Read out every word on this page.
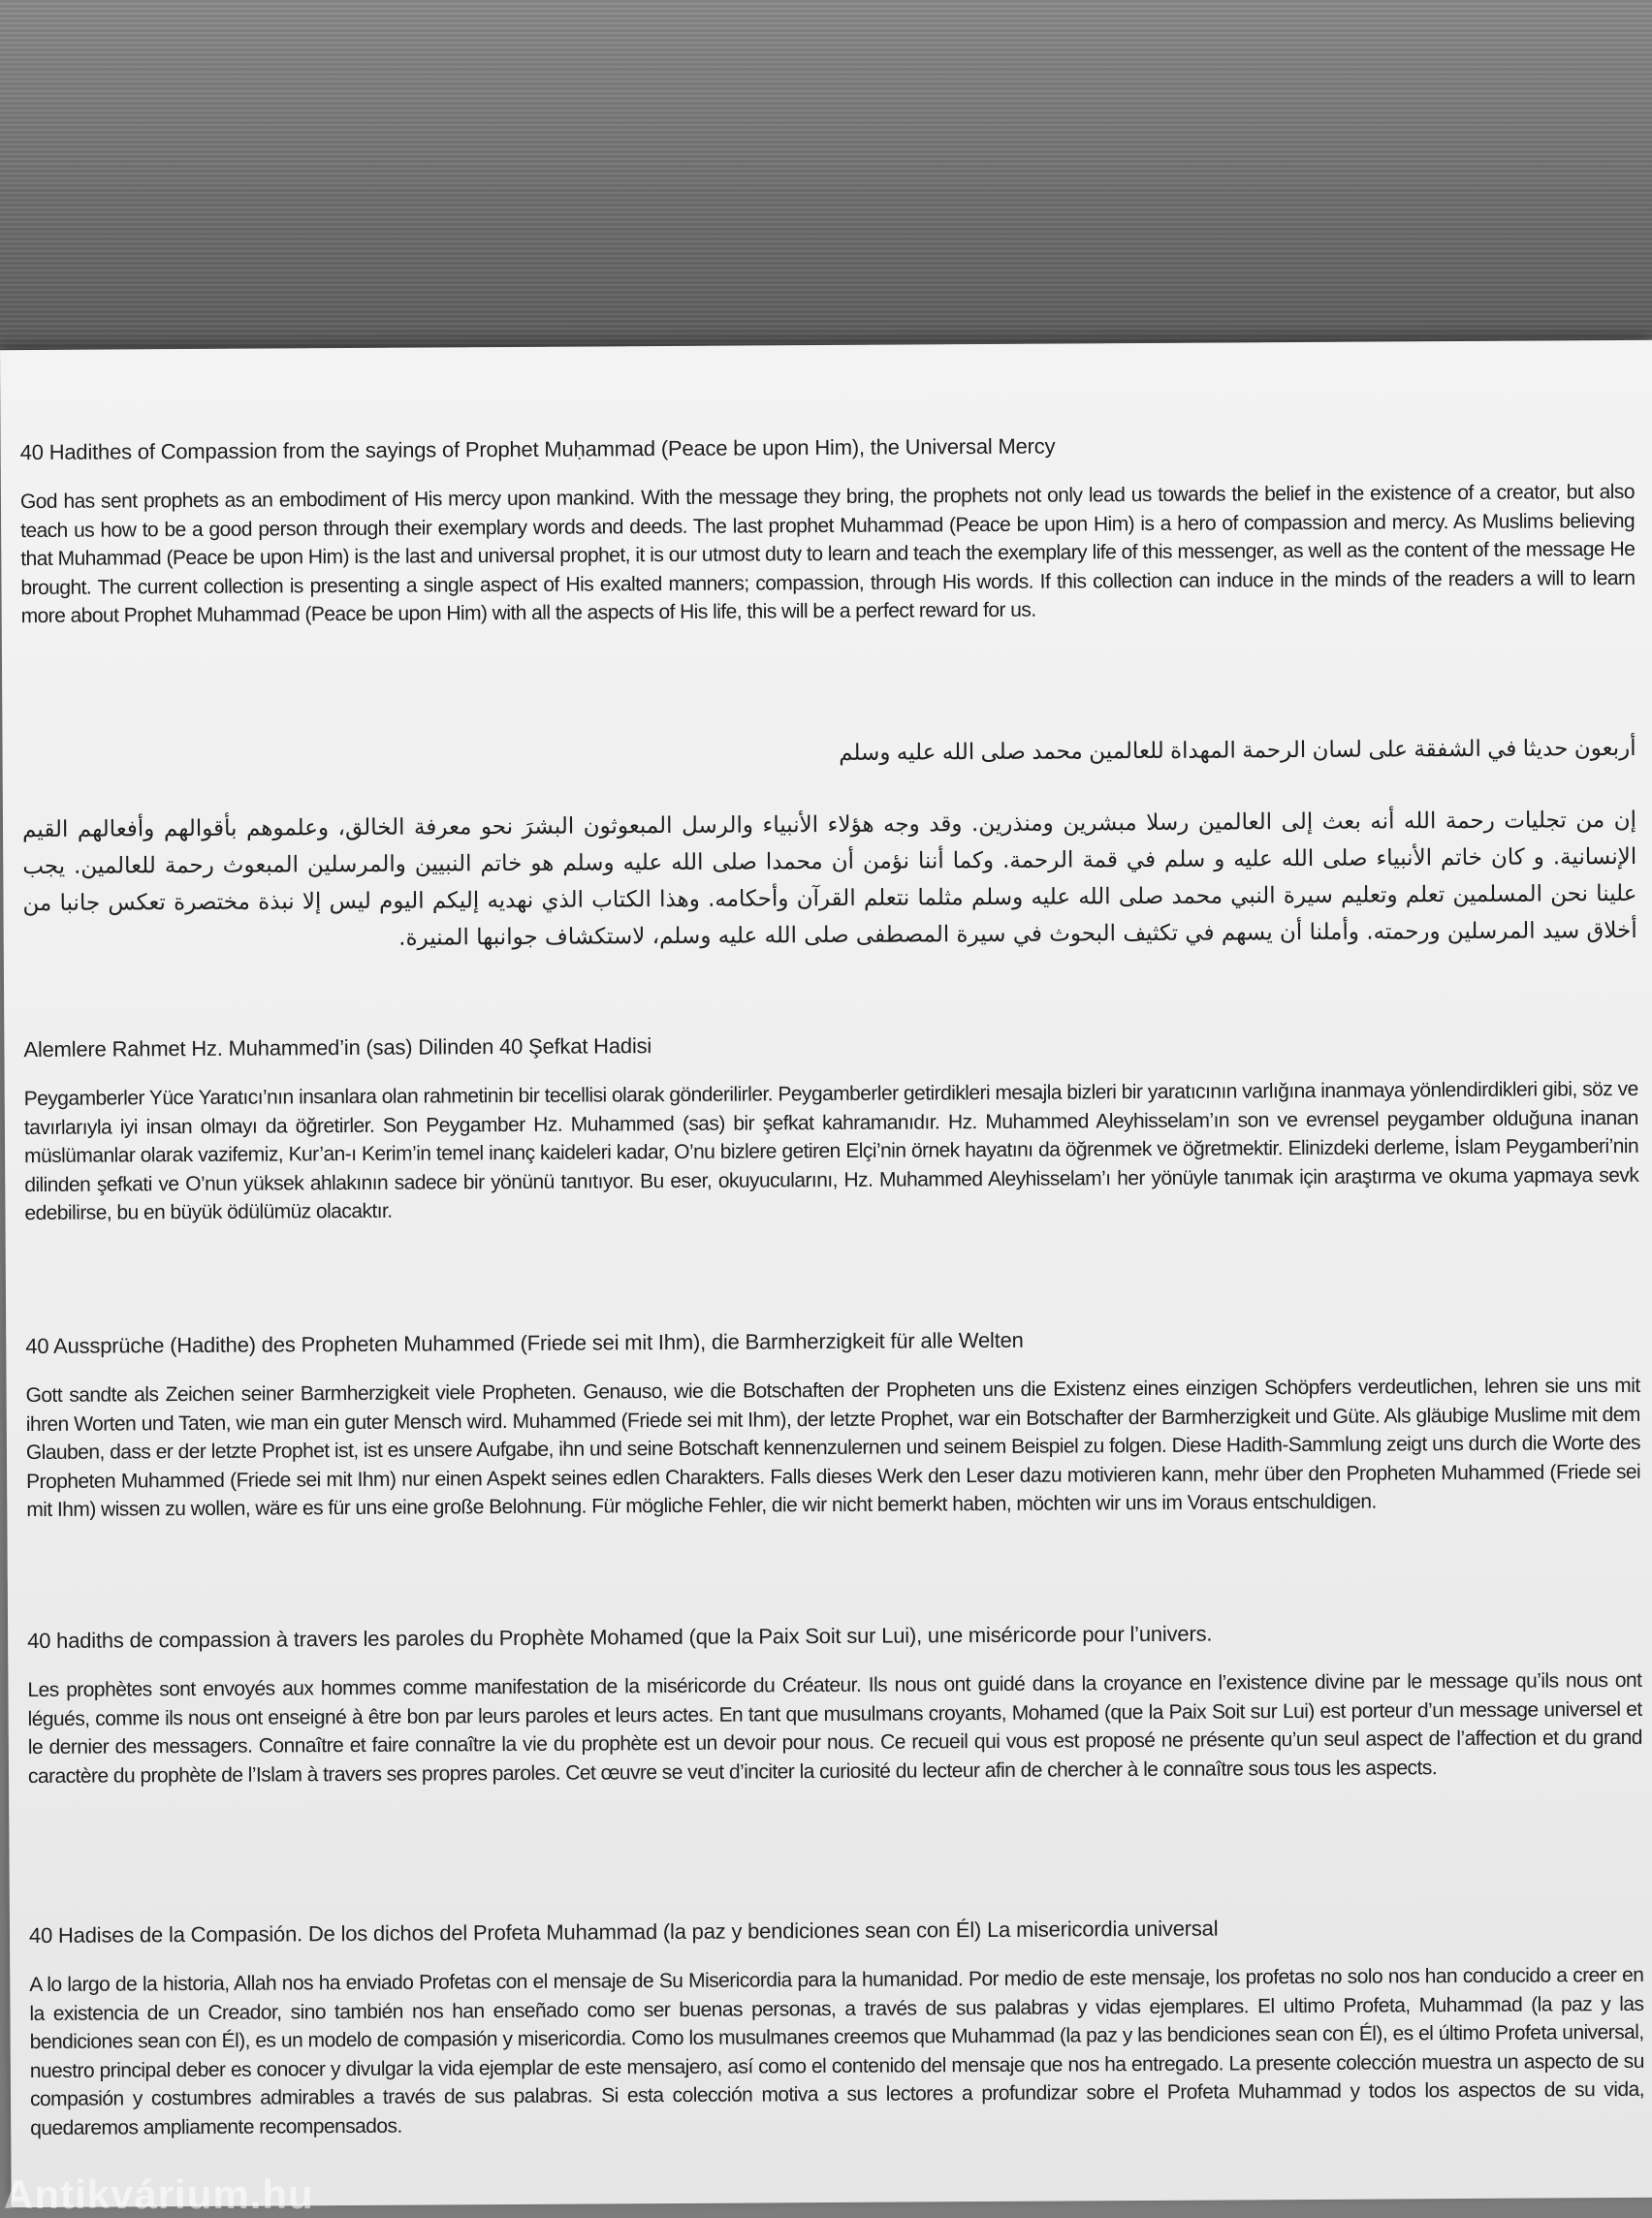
40 Hadithes of Compassion from the sayings of Prophet Muḥammad (Peace be upon Him), the Universal Mercy

God has sent prophets as an embodiment of His mercy upon mankind. With the message they bring, the prophets not only lead us towards the belief in the existence of a creator, but also teach us how to be a good person through their exemplary words and deeds. The last prophet Muhammad (Peace be upon Him) is a hero of compassion and mercy. As Muslims believing that Muhammad (Peace be upon Him) is the last and universal prophet, it is our utmost duty to learn and teach the exemplary life of this messenger, as well as the content of the message He brought. The current collection is presenting a single aspect of His exalted manners; compassion, through His words. If this collection can induce in the minds of the readers a will to learn more about Prophet Muhammad (Peace be upon Him) with all the aspects of His life, this will be a perfect reward for us.

أربعون حديثا في الشفقة على لسان الرحمة المهداة للعالمين محمد صلى الله عليه وسلم

إن من تجليات رحمة الله أنه بعث إلى العالمين رسلا مبشرين ومنذرين. وقد وجه هؤلاء الأنبياء والرسل المبعوثون البشرَ نحو معرفة الخالق، وعلموهم بأقوالهم وأفعالهم القيم الإنسانية. و كان خاتم الأنبياء صلى الله عليه و سلم في قمة الرحمة. وكما أننا نؤمن أن محمدا صلى الله عليه وسلم هو خاتم النبيين والمرسلين المبعوث رحمة للعالمين. يجب علينا نحن المسلمين تعلم وتعليم سيرة النبي محمد صلى الله عليه وسلم مثلما نتعلم القرآن وأحكامه. وهذا الكتاب الذي نهديه إليكم اليوم ليس إلا نبذة مختصرة تعكس جانبا من أخلاق سيد المرسلين ورحمته. وأملنا أن يسهم في تكثيف البحوث في سيرة المصطفى صلى الله عليه وسلم، لاستكشاف جوانبها المنيرة.

Alemlere Rahmet Hz. Muhammed’in (sas) Dilinden 40 Şefkat Hadisi

Peygamberler Yüce Yaratıcı’nın insanlara olan rahmetinin bir tecellisi olarak gönderilirler. Peygamberler getirdikleri mesajla bizleri bir yaratıcının varlığına inanmaya yönlendirdikleri gibi, söz ve tavırlarıyla iyi insan olmayı da öğretirler. Son Peygamber Hz. Muhammed (sas) bir şefkat kahramanıdır. Hz. Muhammed Aleyhisselam’ın son ve evrensel peygamber olduğuna inanan müslümanlar olarak vazifemiz, Kur’an-ı Kerim’in temel inanç kaideleri kadar, O’nu bizlere getiren Elçi’nin örnek hayatını da öğrenmek ve öğretmektir. Elinizdeki derleme, İslam Peygamberi’nin dilinden şefkati ve O’nun yüksek ahlakının sadece bir yönünü tanıtıyor. Bu eser, okuyucularını, Hz. Muhammed Aleyhisselam’ı her yönüyle tanımak için araştırma ve okuma yapmaya sevk edebilirse, bu en büyük ödülümüz olacaktır.

40 Aussprüche (Hadithe) des Propheten Muhammed (Friede sei mit Ihm), die Barmherzigkeit für alle Welten

Gott sandte als Zeichen seiner Barmherzigkeit viele Propheten. Genauso, wie die Botschaften der Propheten uns die Existenz eines einzigen Schöpfers verdeutlichen, lehren sie uns mit ihren Worten und Taten, wie man ein guter Mensch wird. Muhammed (Friede sei mit Ihm), der letzte Prophet, war ein Botschafter der Barmherzigkeit und Güte. Als gläubige Muslime mit dem Glauben, dass er der letzte Prophet ist, ist es unsere Aufgabe, ihn und seine Botschaft kennenzulernen und seinem Beispiel zu folgen. Diese Hadith-Sammlung zeigt uns durch die Worte des Propheten Muhammed (Friede sei mit Ihm) nur einen Aspekt seines edlen Charakters. Falls dieses Werk den Leser dazu motivieren kann, mehr über den Propheten Muhammed (Friede sei mit Ihm) wissen zu wollen, wäre es für uns eine große Belohnung. Für mögliche Fehler, die wir nicht bemerkt haben, möchten wir uns im Voraus entschuldigen.

40 hadiths de compassion à travers les paroles du Prophète Mohamed (que la Paix Soit sur Lui), une miséricorde pour l’univers.

Les prophètes sont envoyés aux hommes comme manifestation de la miséricorde du Créateur. Ils nous ont guidé dans la croyance en l’existence divine par le message qu’ils nous ont légués, comme ils nous ont enseigné à être bon par leurs paroles et leurs actes. En tant que musulmans croyants, Mohamed (que la Paix Soit sur Lui) est porteur d’un message universel et le dernier des messagers. Connaître et faire connaître la vie du prophète est un devoir pour nous. Ce recueil qui vous est proposé ne présente qu’un seul aspect de l’affection et du grand caractère du prophète de l’Islam à travers ses propres paroles. Cet œuvre se veut d’inciter la curiosité du lecteur afin de chercher à le connaître sous tous les aspects.

40 Hadises de la Compasión. De los dichos del Profeta Muhammad (la paz y bendiciones sean con Él) La misericordia universal

A lo largo de la historia, Allah nos ha enviado Profetas con el mensaje de Su Misericordia para la humanidad. Por medio de este mensaje, los profetas no solo nos han conducido a creer en la existencia de un Creador, sino también nos han enseñado como ser buenas personas, a través de sus palabras y vidas ejemplares. El ultimo Profeta, Muhammad (la paz y las bendiciones sean con Él), es un modelo de compasión y misericordia. Como los musulmanes creemos que Muhammad (la paz y las bendiciones sean con Él), es el último Profeta universal, nuestro principal deber es conocer y divulgar la vida ejemplar de este mensajero, así como el contenido del mensaje que nos ha entregado. La presente colección muestra un aspecto de su compasión y costumbres admirables a través de sus palabras. Si esta colección motiva a sus lectores a profundizar sobre el Profeta Muhammad y todos los aspectos de su vida, quedaremos ampliamente recompensados.

Antikvárium.hu
